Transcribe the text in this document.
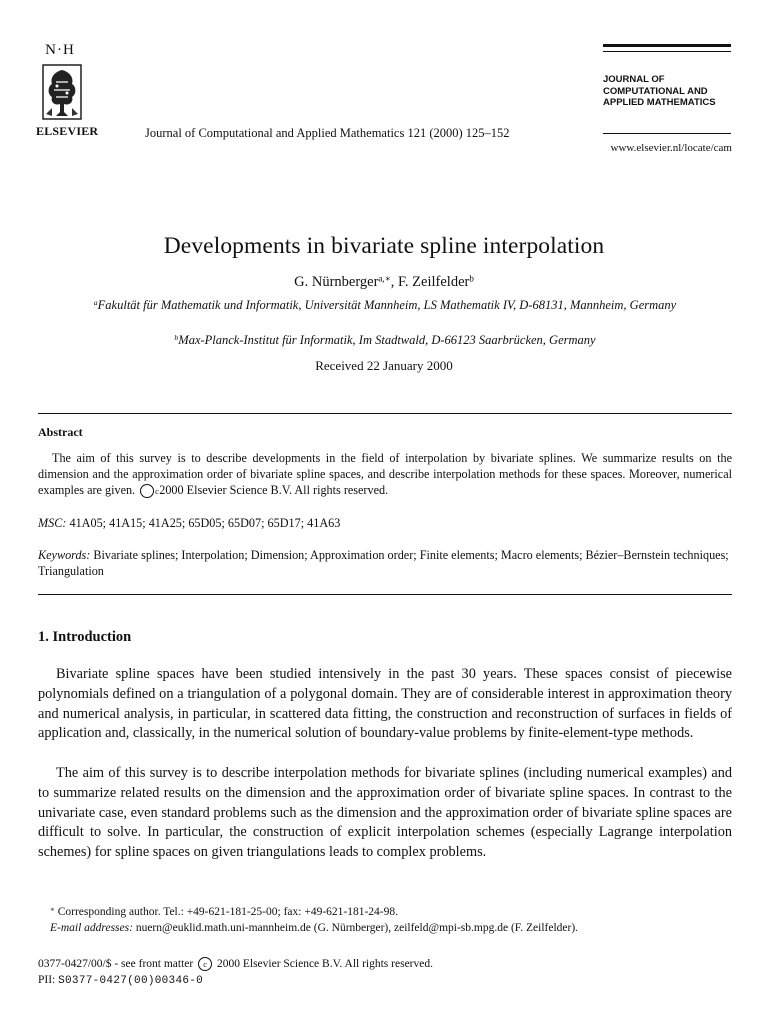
N·H
ELSEVIER	Journal of Computational and Applied Mathematics 121 (2000) 125–152
JOURNAL OF
COMPUTATIONAL AND
APPLIED MATHEMATICS
www.elsevier.nl/locate/cam
Developments in bivariate spline interpolation
G. Nürnberger$^{a,∗}$, F. Zeilfelder$^b$
$^a$Fakultät für Mathematik und Informatik, Universität Mannheim, LS Mathematik IV, D-68131, Mannheim, Germany
$^b$Max-Planck-Institut für Informatik, Im Stadtwald, D-66123 Saarbrücken, Germany
Received 22 January 2000
Abstract
The aim of this survey is to describe developments in the field of interpolation by bivariate splines. We summarize results on the dimension and the approximation order of bivariate spline spaces, and describe interpolation methods for these spaces. Moreover, numerical examples are given. c 2000 Elsevier Science B.V. All rights reserved.
MSC: 41A05; 41A15; 41A25; 65D05; 65D07; 65D17; 41A63
Keywords: Bivariate splines; Interpolation; Dimension; Approximation order; Finite elements; Macro elements; Bézier–Bernstein techniques; Triangulation
1. Introduction
Bivariate spline spaces have been studied intensively in the past 30 years. These spaces consist of piecewise polynomials defined on a triangulation of a polygonal domain. They are of considerable interest in approximation theory and numerical analysis, in particular, in scattered data fitting, the construction and reconstruction of surfaces in fields of application and, classically, in the numerical solution of boundary-value problems by finite-element-type methods.
The aim of this survey is to describe interpolation methods for bivariate splines (including numerical examples) and to summarize related results on the dimension and the approximation order of bivariate spline spaces. In contrast to the univariate case, even standard problems such as the dimension and the approximation order of bivariate spline spaces are difficult to solve. In particular, the construction of explicit interpolation schemes (especially Lagrange interpolation schemes) for spline spaces on given triangulations leads to complex problems.
∗ Corresponding author. Tel.: +49-621-181-25-00; fax: +49-621-181-24-98.
E-mail addresses: nuern@euklid.math.uni-mannheim.de (G. Nürnberger), zeilfeld@mpi-sb.mpg.de (F. Zeilfelder).
0377-0427/00/$ - see front matter c 2000 Elsevier Science B.V. All rights reserved.
PII: S0377-0427(00)00346-0
